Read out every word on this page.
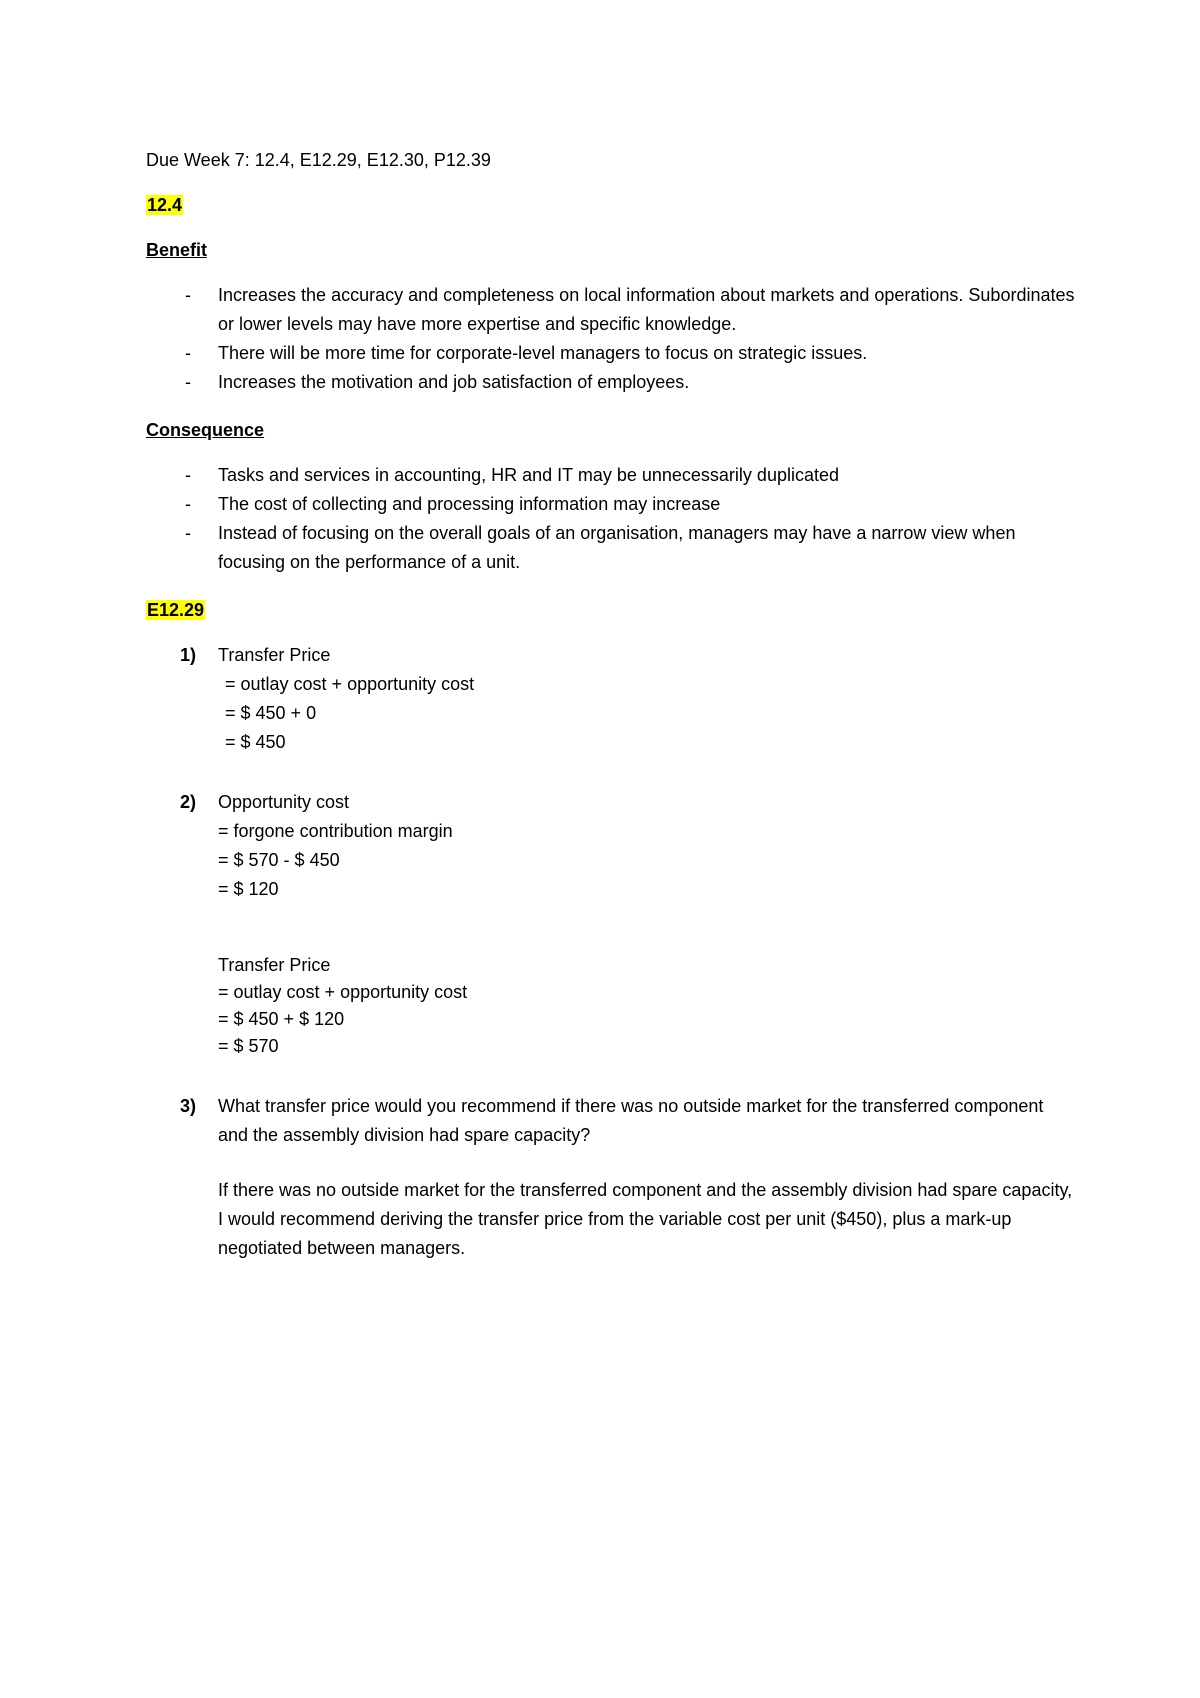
Due Week 7: 12.4, E12.29, E12.30, P12.39
12.4
Benefit
-	Increases the accuracy and completeness on local information about markets and operations. Subordinates or lower levels may have more expertise and specific knowledge.
-	There will be more time for corporate-level managers to focus on strategic issues.
-	Increases the motivation and job satisfaction of employees.
Consequence
-	Tasks and services in accounting, HR and IT may be unnecessarily duplicated
-	The cost of collecting and processing information may increase
-	Instead of focusing on the overall goals of an organisation, managers may have a narrow view when focusing on the performance of a unit.
E12.29
1)	Transfer Price
= outlay cost + opportunity cost
= $ 450 + 0
= $ 450
2)	Opportunity cost
= forgone contribution margin
= $ 570 - $ 450
= $ 120
Transfer Price
= outlay cost + opportunity cost
= $ 450 + $ 120
= $ 570
3)	What transfer price would you recommend if there was no outside market for the transferred component and the assembly division had spare capacity?
If there was no outside market for the transferred component and the assembly division had spare capacity, I would recommend deriving the transfer price from the variable cost per unit ($450), plus a mark-up negotiated between managers.
